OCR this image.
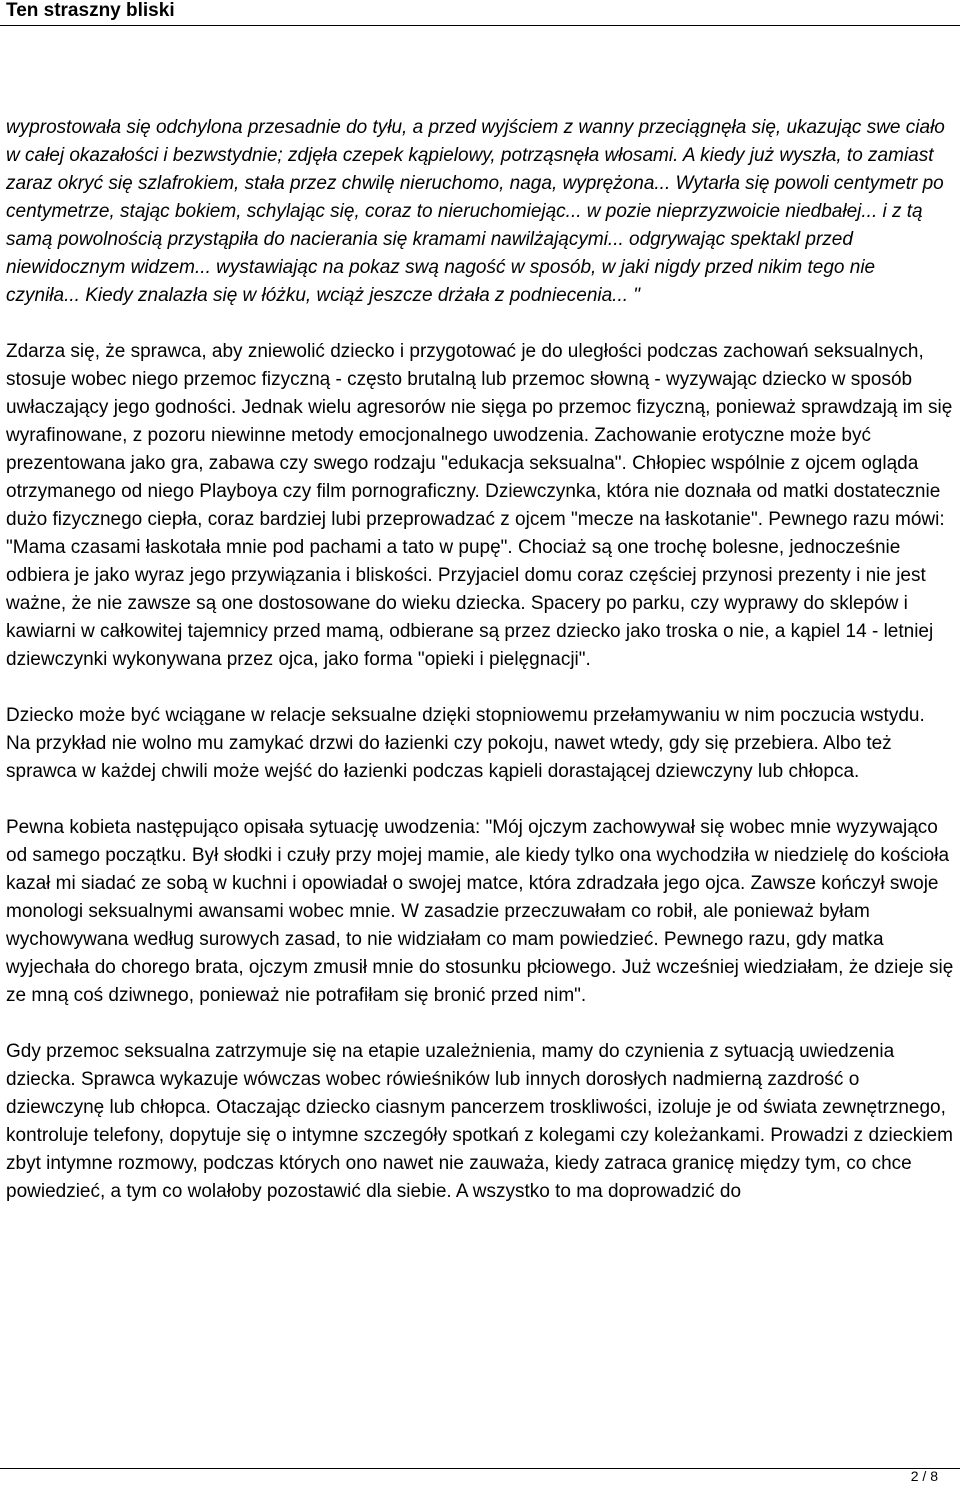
Ten straszny bliski

wyprostowała się odchylona przesadnie do tyłu, a przed wyjściem z wanny przeciągnęła się, ukazując swe ciało w całej okazałości i bezwstydnie; zdjęła czepek kąpielowy, potrząsnęła włosami. A kiedy już wyszła, to zamiast zaraz okryć się szlafrokiem, stała przez chwilę nieruchomo, naga, wyprężona... Wytarła się powoli centymetr po centymetrze, stając bokiem, schylając się, coraz to nieruchomiejąc... w pozie nieprzyzwoicie niedbałej... i z tą samą powolnością przystąpiła do nacierania się kramami nawilżającymi... odgrywając spektakl przed niewidocznym widzem... wystawiając na pokaz swą nagość w sposób, w jaki nigdy przed nikim tego nie czyniła... Kiedy znalazła się w łóżku, wciąż jeszcze drżała z podniecenia... "

Zdarza się, że sprawca, aby zniewolić dziecko i przygotować je do uległości podczas zachowań seksualnych, stosuje wobec niego przemoc fizyczną - często brutalną lub przemoc słowną - wyzywając dziecko w sposób uwłaczający jego godności. Jednak wielu agresorów nie sięga po przemoc fizyczną, ponieważ sprawdzają im się wyrafinowane, z pozoru niewinne metody emocjonalnego uwodzenia. Zachowanie erotyczne może być prezentowana jako gra, zabawa czy swego rodzaju "edukacja seksualna". Chłopiec wspólnie z ojcem ogląda otrzymanego od niego Playboya czy film pornograficzny. Dziewczynka, która nie doznała od matki dostatecznie dużo fizycznego ciepła, coraz bardziej lubi przeprowadzać z ojcem "mecze na łaskotanie". Pewnego razu mówi: "Mama czasami łaskotała mnie pod pachami a tato w pupę". Chociaż są one trochę bolesne, jednocześnie odbiera je jako wyraz jego przywiązania i bliskości. Przyjaciel domu coraz częściej przynosi prezenty i nie jest ważne, że nie zawsze są one dostosowane do wieku dziecka. Spacery po parku, czy wyprawy do sklepów i kawiarni w całkowitej tajemnicy przed mamą, odbierane są przez dziecko jako troska o nie, a kąpiel 14 - letniej dziewczynki wykonywana przez ojca, jako forma "opieki i pielęgnacji".

Dziecko może być wciągane w relacje seksualne dzięki stopniowemu przełamywaniu w nim poczucia wstydu. Na przykład nie wolno mu zamykać drzwi do łazienki czy pokoju, nawet wtedy, gdy się przebiera. Albo też sprawca w każdej chwili może wejść do łazienki podczas kąpieli dorastającej dziewczyny lub chłopca.

Pewna kobieta następująco opisała sytuację uwodzenia: "Mój ojczym zachowywał się wobec mnie wyzywająco od samego początku. Był słodki i czuły przy mojej mamie, ale kiedy tylko ona wychodziła w niedzielę do kościoła kazał mi siadać ze sobą w kuchni i opowiadał o swojej matce, która zdradzała jego ojca. Zawsze kończył swoje monologi seksualnymi awansami wobec mnie. W zasadzie przeczuwałam co robił, ale ponieważ byłam wychowywana według surowych zasad, to nie widziałam co mam powiedzieć. Pewnego razu, gdy matka wyjechała do chorego brata, ojczym zmusił mnie do stosunku płciowego. Już wcześniej wiedziałam, że dzieje się ze mną coś dziwnego, ponieważ nie potrafiłam się bronić przed nim".

Gdy przemoc seksualna zatrzymuje się na etapie uzależnienia, mamy do czynienia z sytuacją uwiedzenia dziecka. Sprawca wykazuje wówczas wobec rówieśników lub innych dorosłych nadmierną zazdrość o dziewczynę lub chłopca. Otaczając dziecko ciasnym pancerzem troskliwości, izoluje je od świata zewnętrznego, kontroluje telefony, dopytuje się o intymne szczegóły spotkań z kolegami czy koleżankami. Prowadzi z dzieckiem zbyt intymne rozmowy, podczas których ono nawet nie zauważa, kiedy zatraca granicę między tym, co chce powiedzieć, a tym co wolałoby pozostawić dla siebie. A wszystko to ma doprowadzić do

2 / 8
